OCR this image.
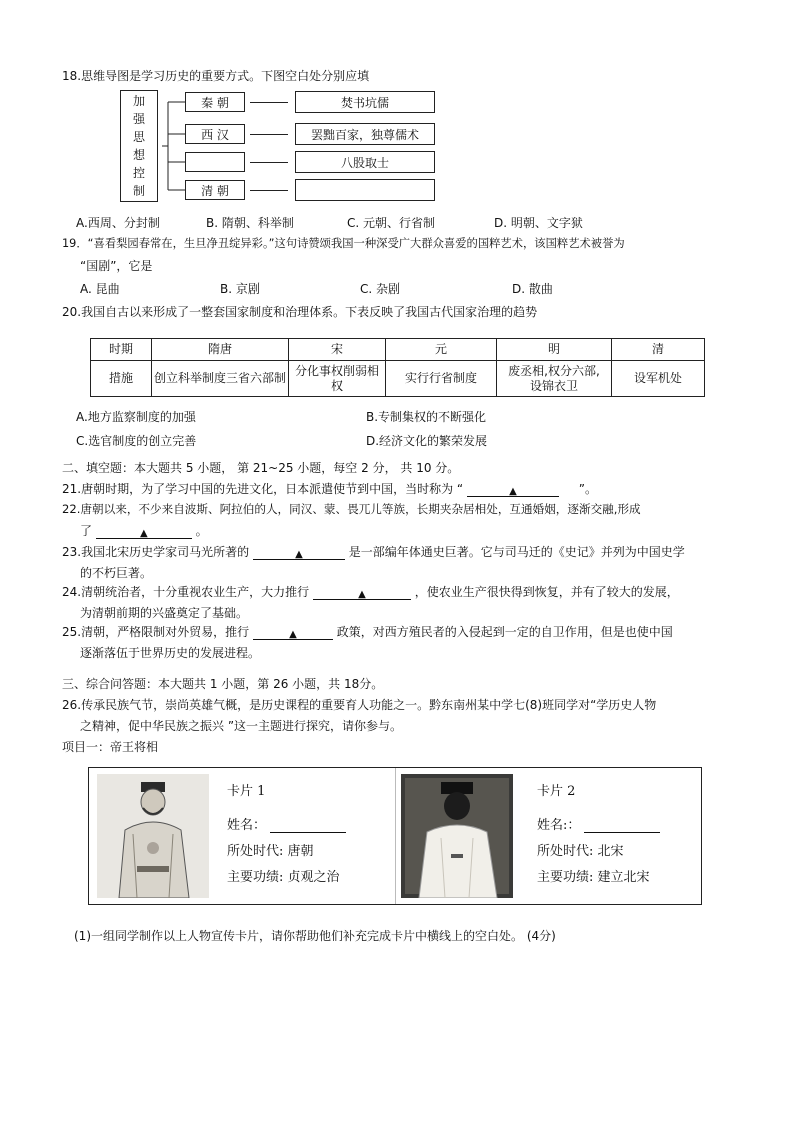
18.思维导图是学习历史的重要方式。下图空白处分别应填
加
强
思
想
控
制
秦 朝
西 汉
清 朝
焚书坑儒
罢黜百家，独尊儒术
八股取士
A.西周、分封制	B. 隋朝、科举制	C. 元朝、行省制	D. 明朝、文字狱
19．“喜看梨园春常在，生旦净丑绽异彩。”这句诗赞颂我国一种深受广大群众喜爱的国粹艺术，该国粹艺术被誉为
“国剧”，它是
A. 昆曲	B. 京剧	C. 杂剧	D. 散曲
20.我国自古以来形成了一整套国家制度和治理体系。下表反映了我国古代国家治理的趋势
时期	隋唐	宋	元	明	清
措施	创立科举制度三省六部制	分化事权削弱相权	实行行省制度	废丞相,权分六部,设锦衣卫	设军机处
A.地方监察制度的加强	B.专制集权的不断强化
C.选官制度的创立完善	D.经济文化的繁荣发展
二、填空题：本大题共 5 小题， 第 21~25 小题，每空 2 分， 共 10 分。
21.唐朝时期，为了学习中国的先进文化，日本派遣使节到中国，当时称为 “	▲	”。
22.唐朝以来，不少来自波斯、阿拉伯的人，同汉、蒙、畏兀儿等族，长期夹杂居相处，互通婚姻，逐渐交融,形成
了	▲	。
23.我国北宋历史学家司马光所著的	▲	是一部编年体通史巨著。它与司马迁的《史记》并列为中国史学
的不朽巨著。
24.清朝统治者，十分重视农业生产，大力推行	▲	，使农业生产很快得到恢复，并有了较大的发展，
为清朝前期的兴盛奠定了基础。
25.清朝，严格限制对外贸易，推行	▲	政策，对西方殖民者的入侵起到一定的自卫作用，但是也使中国
逐渐落伍于世界历史的发展进程。
三、综合问答题：本大题共 1 小题，第 26 小题，共 18分。
26.传承民族气节，崇尚英雄气概，是历史课程的重要育人功能之一。黔东南州某中学七(8)班同学对“学历史人物
之精神，促中华民族之振兴 ”这一主题进行探究，请你参与。
项目一：帝王将相
卡片 1
姓名：
所处时代: 唐朝
主要功绩: 贞观之治
卡片 2
姓名:：
所处时代: 北宋
主要功绩: 建立北宋
(1)一组同学制作以上人物宣传卡片，请你帮助他们补充完成卡片中横线上的空白处。 (4分)
